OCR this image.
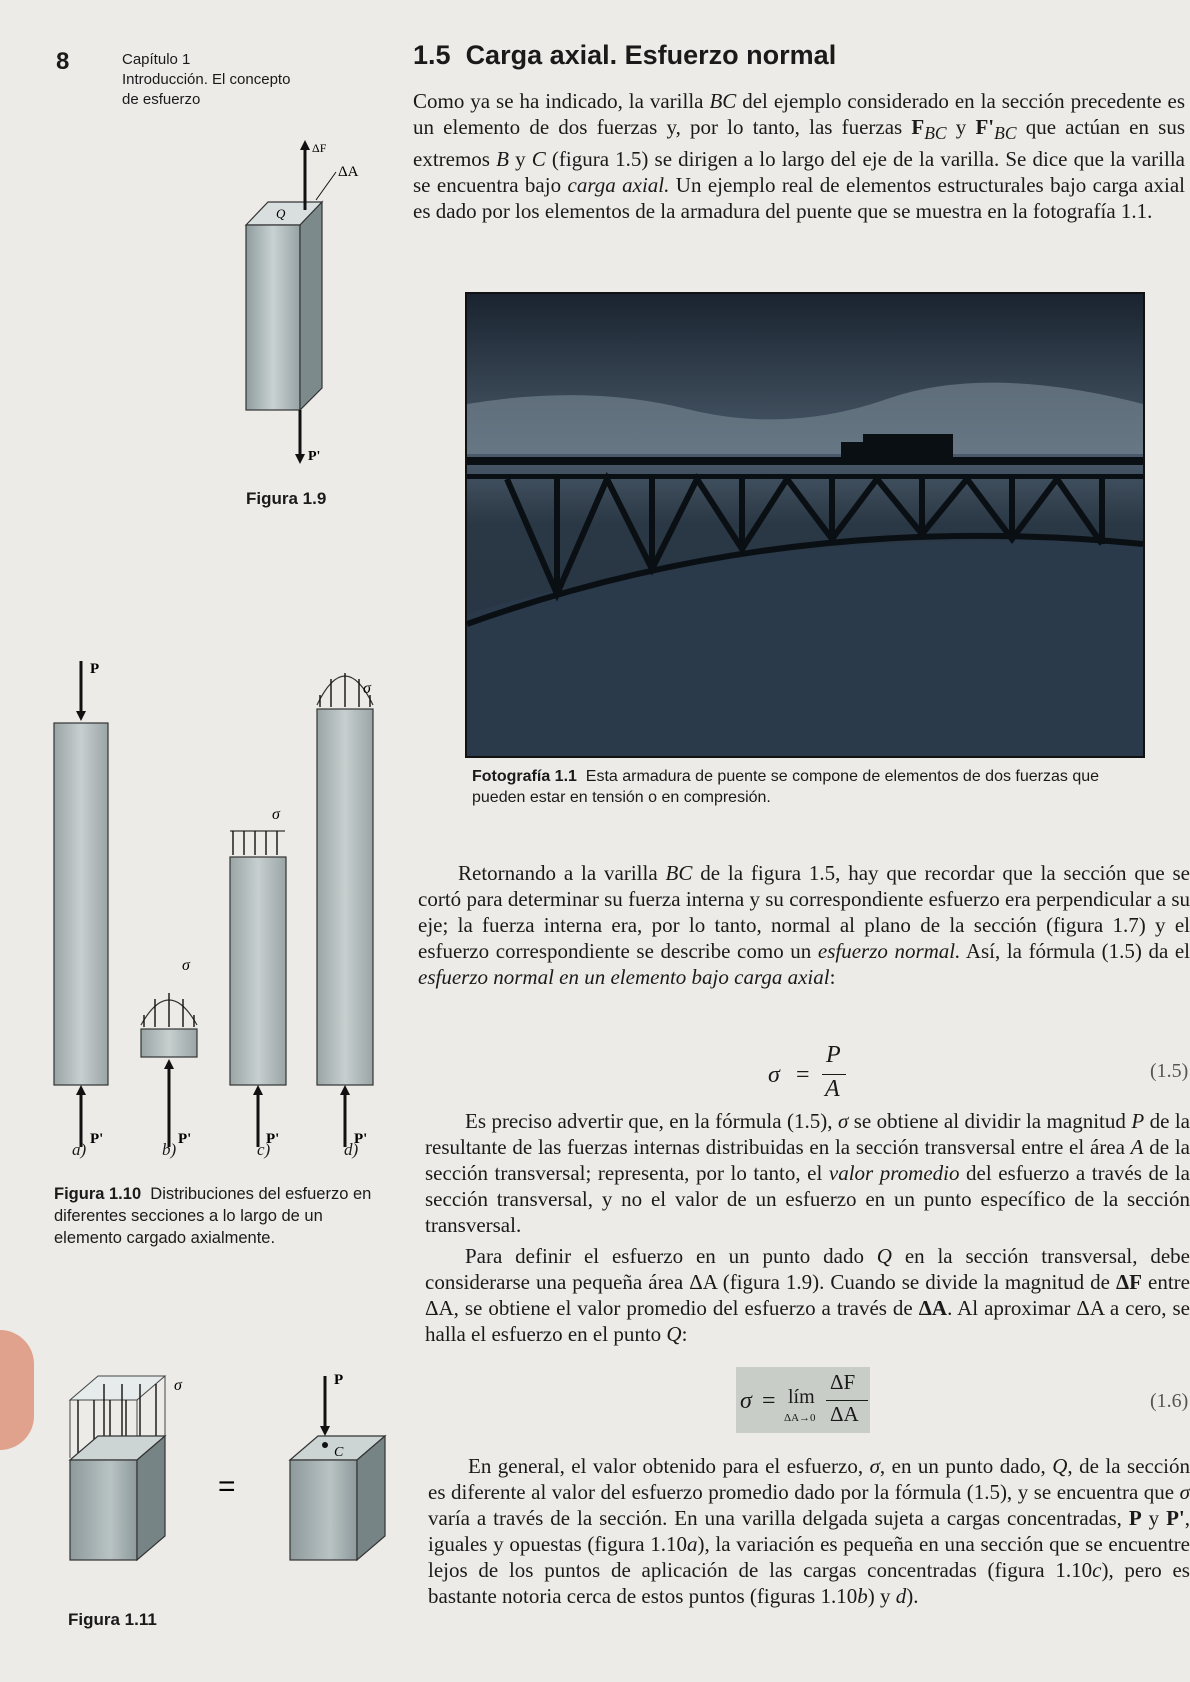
8	Capítulo 1
Introducción. El concepto
de esfuerzo
1.5 Carga axial. Esfuerzo normal
Como ya se ha indicado, la varilla BC del ejemplo considerado en la sección precedente es un elemento de dos fuerzas y, por lo tanto, las fuerzas $F_{BC}$ y $F'_{BC}$ que actúan en sus extremos B y C (figura 1.5) se dirigen a lo largo del eje de la varilla. Se dice que la varilla se encuentra bajo carga axial. Un ejemplo real de elementos estructurales bajo carga axial es dado por los elementos de la armadura del puente que se muestra en la fotografía 1.1.
Fotografía 1.1 Esta armadura de puente se compone de elementos de dos fuerzas que pueden estar en tensión o en compresión.
Retornando a la varilla BC de la figura 1.5, hay que recordar que la sección que se cortó para determinar su fuerza interna y su correspondiente esfuerzo era perpendicular a su eje; la fuerza interna era, por lo tanto, normal al plano de la sección (figura 1.7) y el esfuerzo correspondiente se describe como un esfuerzo normal. Así, la fórmula (1.5) da el esfuerzo normal en un elemento bajo carga axial:
σ =
P
A
(1.5)
Es preciso advertir que, en la fórmula (1.5), σ se obtiene al dividir la magnitud P de la resultante de las fuerzas internas distribuidas en la sección transversal entre el área A de la sección transversal; representa, por lo tanto, el valor promedio del esfuerzo a través de la sección transversal, y no el valor de un esfuerzo en un punto específico de la sección transversal.
Para definir el esfuerzo en un punto dado Q en la sección transversal, debe considerarse una pequeña área ΔA (figura 1.9). Cuando se divide la magnitud de ΔF entre ΔA, se obtiene el valor promedio del esfuerzo a través de ΔA. Al aproximar ΔA a cero, se halla el esfuerzo en el punto Q:
σ = lím
ΔA→0
ΔF
ΔA
(1.6)
En general, el valor obtenido para el esfuerzo, σ, en un punto dado, Q, de la sección es diferente al valor del esfuerzo promedio dado por la fórmula (1.5), y se encuentra que σ varía a través de la sección. En una varilla delgada sujeta a cargas concentradas, P y P', iguales y opuestas (figura 1.10a), la variación es pequeña en una sección que se encuentre lejos de los puntos de aplicación de las cargas concentradas (figura 1.10c), pero es bastante notoria cerca de estos puntos (figuras 1.10b) y d).
ΔF
ΔA
Q
P'
Figura 1.9
P
P'	P'
σ
P'
σ
P'
σ
a)	b)	c)	d)
Figura 1.10 Distribuciones del esfuerzo en diferentes secciones a lo largo de un elemento cargado axialmente.
σ
=
P
C
Figura 1.11
